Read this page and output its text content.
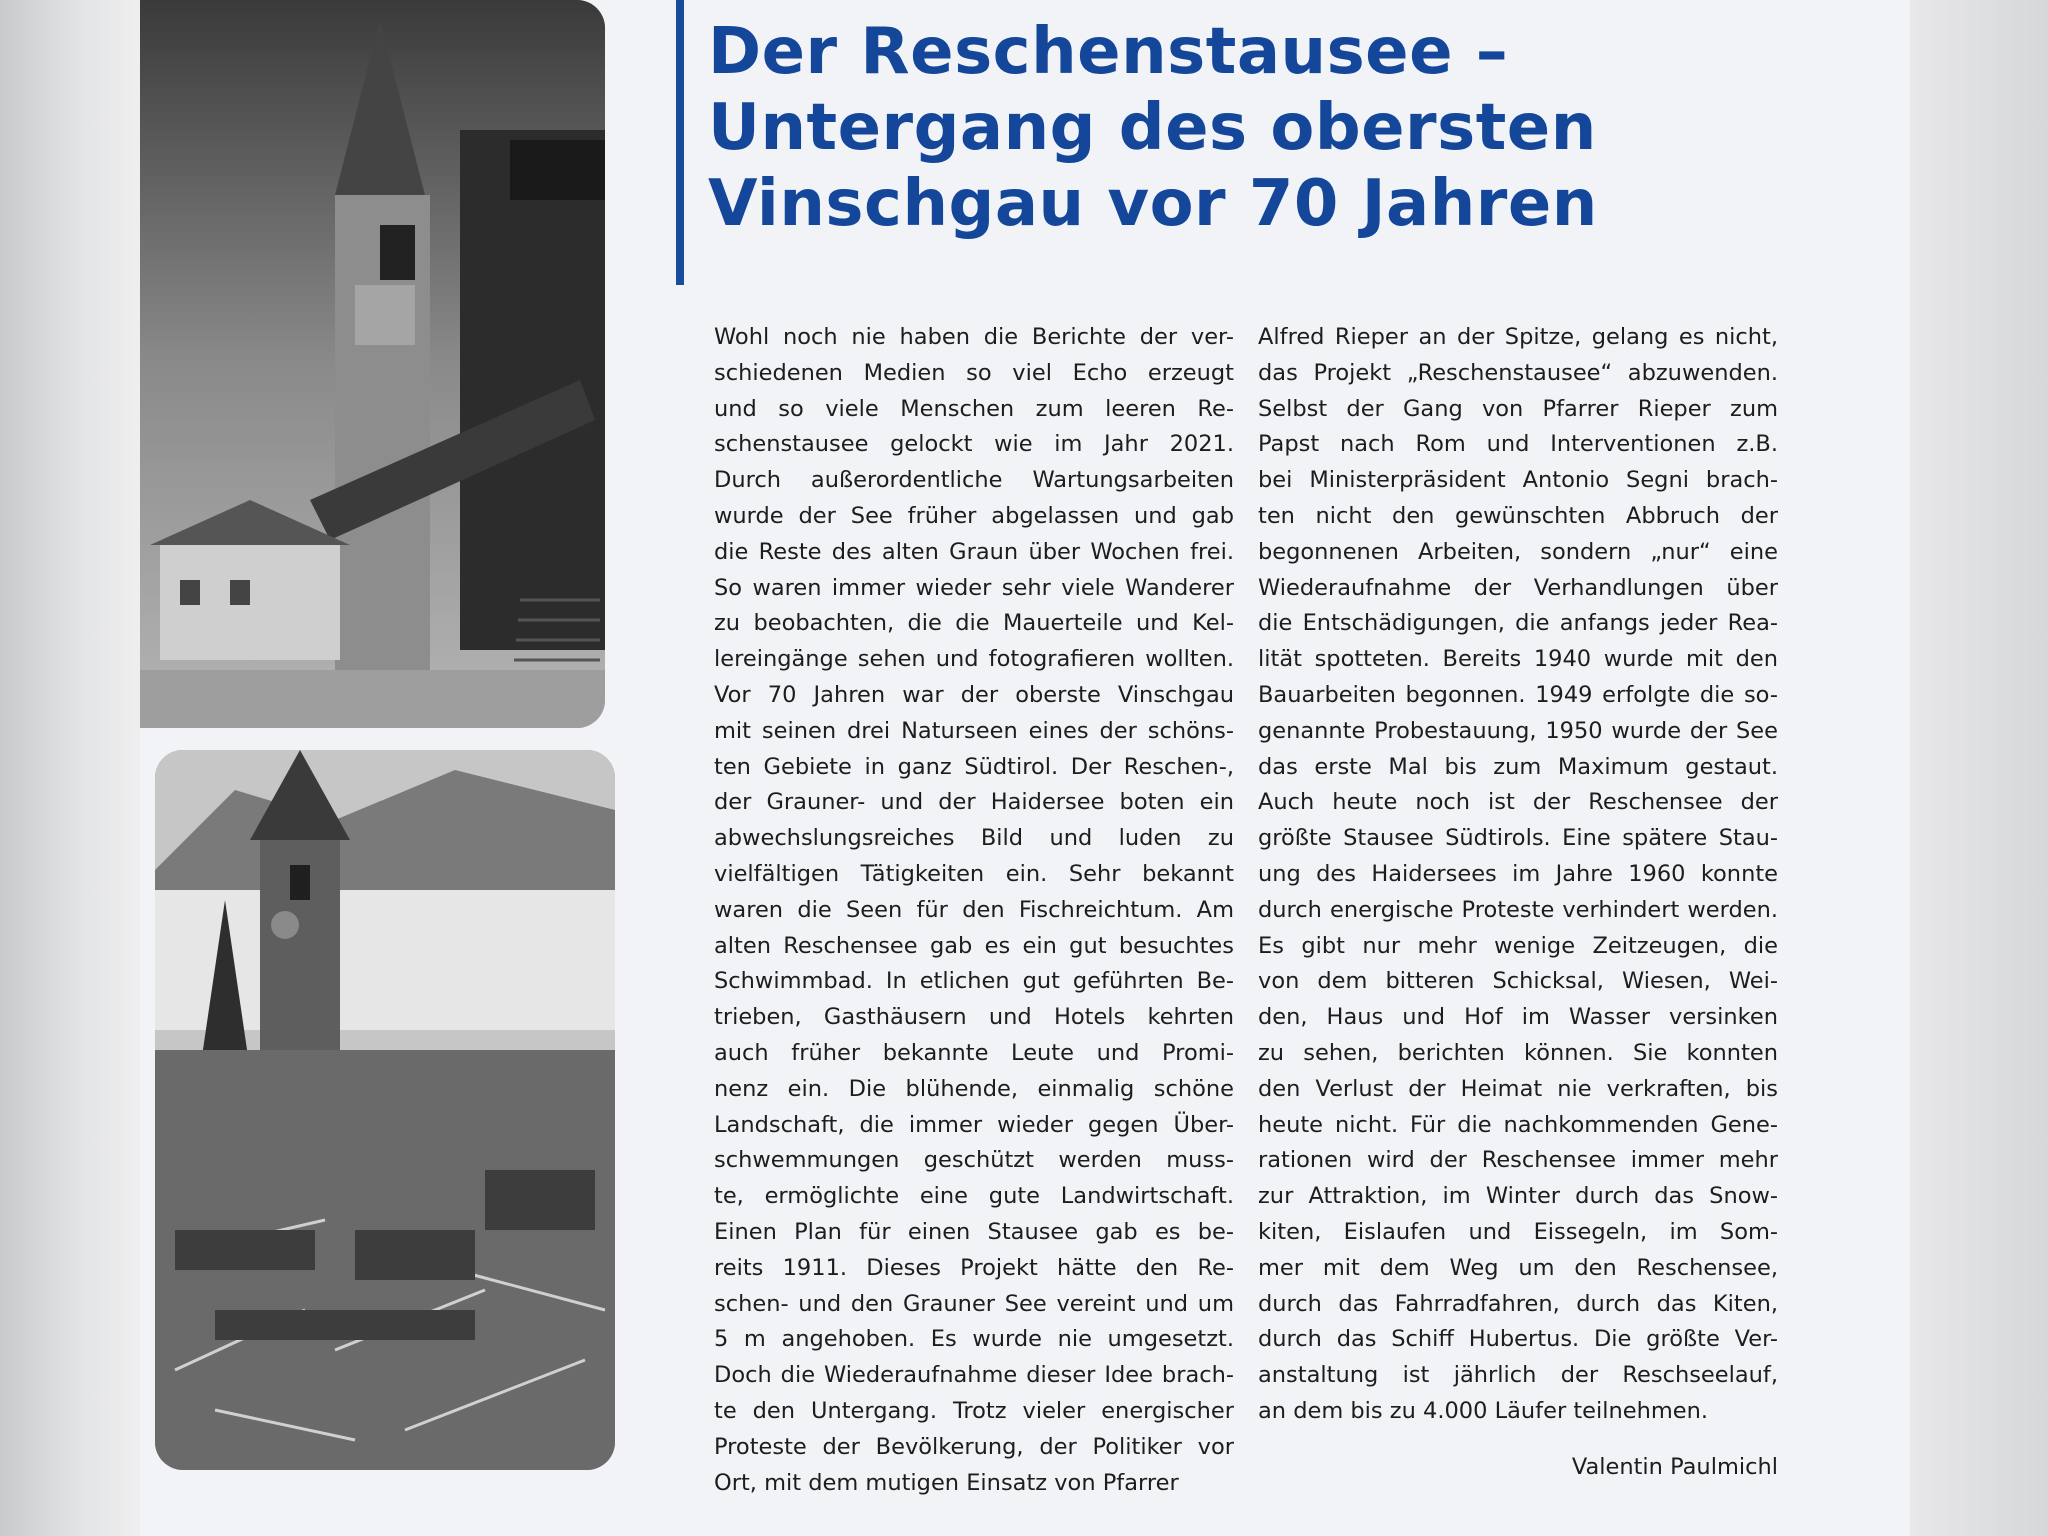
Der Reschenstausee –
Untergang des obersten
Vinschgau vor 70 Jahren
Wohl noch nie haben die Berichte der ver-
schiedenen Medien so viel Echo erzeugt
und so viele Menschen zum leeren Re-
schenstausee gelockt wie im Jahr 2021.
Durch außerordentliche Wartungsarbeiten
wurde der See früher abgelassen und gab
die Reste des alten Graun über Wochen frei.
So waren immer wieder sehr viele Wanderer
zu beobachten, die die Mauerteile und Kel-
lereingänge sehen und fotografieren wollten.
Vor 70 Jahren war der oberste Vinschgau
mit seinen drei Naturseen eines der schöns-
ten Gebiete in ganz Südtirol. Der Reschen-,
der Grauner- und der Haidersee boten ein
abwechslungsreiches Bild und luden zu
vielfältigen Tätigkeiten ein. Sehr bekannt
waren die Seen für den Fischreichtum. Am
alten Reschensee gab es ein gut besuchtes
Schwimmbad. In etlichen gut geführten Be-
trieben, Gasthäusern und Hotels kehrten
auch früher bekannte Leute und Promi-
nenz ein. Die blühende, einmalig schöne
Landschaft, die immer wieder gegen Über-
schwemmungen geschützt werden muss-
te, ermöglichte eine gute Landwirtschaft.
Einen Plan für einen Stausee gab es be-
reits 1911. Dieses Projekt hätte den Re-
schen- und den Grauner See vereint und um
5 m angehoben. Es wurde nie umgesetzt.
Doch die Wiederaufnahme dieser Idee brach-
te den Untergang. Trotz vieler energischer
Proteste der Bevölkerung, der Politiker vor
Ort, mit dem mutigen Einsatz von Pfarrer
Alfred Rieper an der Spitze, gelang es nicht,
das Projekt „Reschenstausee“ abzuwenden.
Selbst der Gang von Pfarrer Rieper zum
Papst nach Rom und Interventionen z.B.
bei Ministerpräsident Antonio Segni brach-
ten nicht den gewünschten Abbruch der
begonnenen Arbeiten, sondern „nur“ eine
Wiederaufnahme der Verhandlungen über
die Entschädigungen, die anfangs jeder Rea-
lität spotteten. Bereits 1940 wurde mit den
Bauarbeiten begonnen. 1949 erfolgte die so-
genannte Probestauung, 1950 wurde der See
das erste Mal bis zum Maximum gestaut.
Auch heute noch ist der Reschensee der
größte Stausee Südtirols. Eine spätere Stau-
ung des Haidersees im Jahre 1960 konnte
durch energische Proteste verhindert werden.
Es gibt nur mehr wenige Zeitzeugen, die
von dem bitteren Schicksal, Wiesen, Wei-
den, Haus und Hof im Wasser versinken
zu sehen, berichten können. Sie konnten
den Verlust der Heimat nie verkraften, bis
heute nicht. Für die nachkommenden Gene-
rationen wird der Reschensee immer mehr
zur Attraktion, im Winter durch das Snow-
kiten, Eislaufen und Eissegeln, im Som-
mer mit dem Weg um den Reschensee,
durch das Fahrradfahren, durch das Kiten,
durch das Schiff Hubertus. Die größte Ver-
anstaltung ist jährlich der Reschseelauf,
an dem bis zu 4.000 Läufer teilnehmen.

Valentin Paulmichl
